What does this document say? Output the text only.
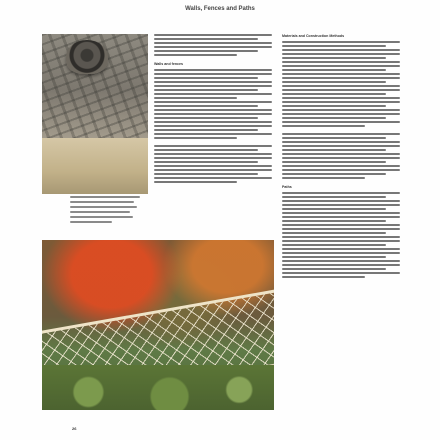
Walls, Fences and Paths
Walls and fences
Materials and Construction Methods
Paths
26
